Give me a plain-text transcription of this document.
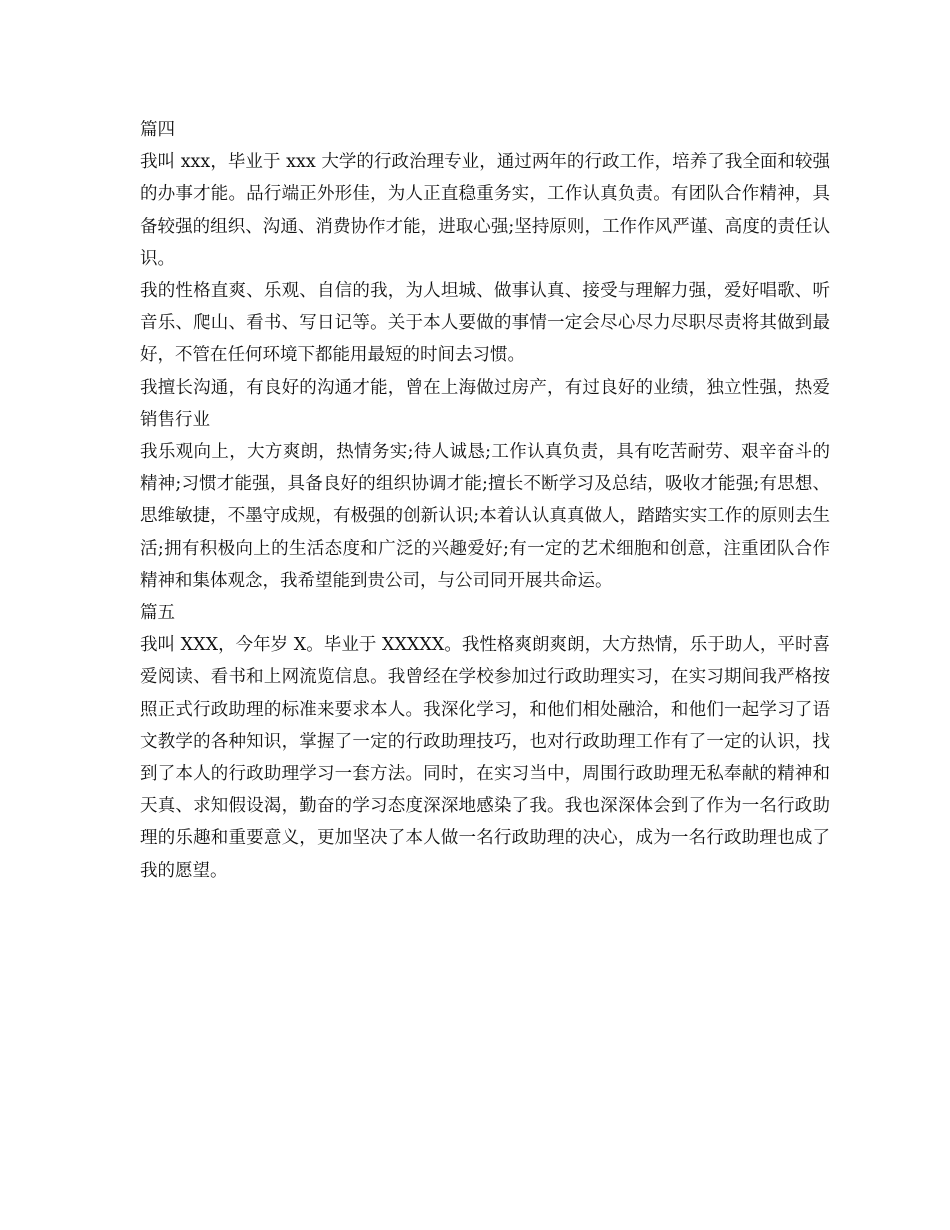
篇四

我叫 xxx，毕业于 xxx 大学的行政治理专业，通过两年的行政工作，培养了我全面和较强的办事才能。品行端正外形佳，为人正直稳重务实，工作认真负责。有团队合作精神，具备较强的组织、沟通、消费协作才能，进取心强;坚持原则，工作作风严谨、高度的责任认识。

我的性格直爽、乐观、自信的我，为人坦城、做事认真、接受与理解力强，爱好唱歌、听音乐、爬山、看书、写日记等。关于本人要做的事情一定会尽心尽力尽职尽责将其做到最好，不管在任何环境下都能用最短的时间去习惯。

我擅长沟通，有良好的沟通才能，曾在上海做过房产，有过良好的业绩，独立性强，热爱销售行业

我乐观向上，大方爽朗，热情务实;待人诚恳;工作认真负责，具有吃苦耐劳、艰辛奋斗的精神;习惯才能强，具备良好的组织协调才能;擅长不断学习及总结，吸收才能强;有思想、思维敏捷，不墨守成规，有极强的创新认识;本着认认真真做人，踏踏实实工作的原则去生活;拥有积极向上的生活态度和广泛的兴趣爱好;有一定的艺术细胞和创意，注重团队合作精神和集体观念，我希望能到贵公司，与公司同开展共命运。

篇五

我叫 XXX，今年岁 X。毕业于 XXXXX。我性格爽朗爽朗，大方热情，乐于助人，平时喜爱阅读、看书和上网流览信息。我曾经在学校参加过行政助理实习，在实习期间我严格按照正式行政助理的标准来要求本人。我深化学习，和他们相处融洽，和他们一起学习了语文教学的各种知识，掌握了一定的行政助理技巧，也对行政助理工作有了一定的认识，找到了本人的行政助理学习一套方法。同时，在实习当中，周围行政助理无私奉献的精神和天真、求知假设渴，勤奋的学习态度深深地感染了我。我也深深体会到了作为一名行政助理的乐趣和重要意义，更加坚决了本人做一名行政助理的决心，成为一名行政助理也成了我的愿望。
